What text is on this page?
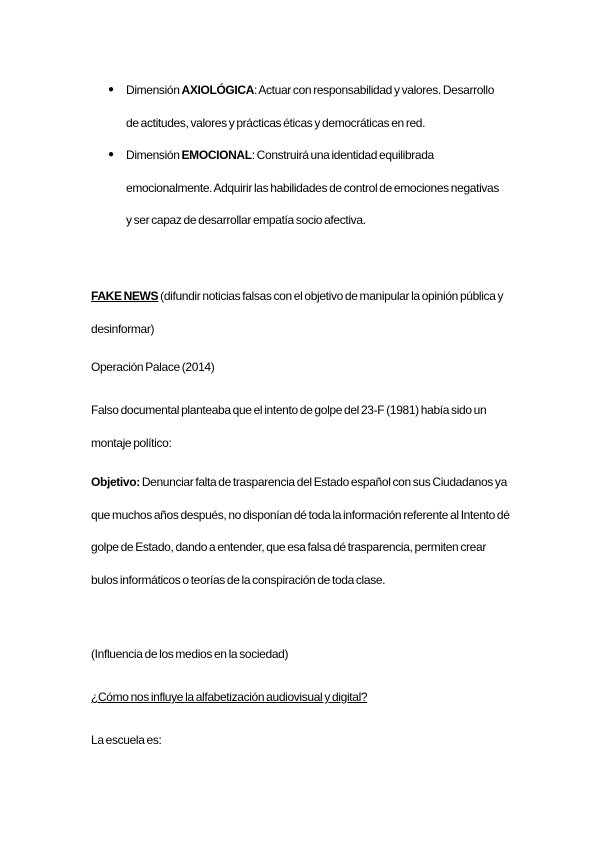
● Dimensión AXIOLÓGICA: Actuar con responsabilidad y valores. Desarrollo de actitudes, valores y prácticas éticas y democráticas en red.
● Dimensión EMOCIONAL: Construirá una identidad equilibrada emocionalmente. Adquirir las habilidades de control de emociones negativas y ser capaz de desarrollar empatía socio afectiva.

FAKE NEWS (difundir noticias falsas con el objetivo de manipular la opinión pública y desinformar)

Operación Palace (2014)

Falso documental planteaba que el intento de golpe del 23-F (1981) había sido un montaje político:

Objetivo: Denunciar falta de trasparencia del Estado español con sus Ciudadanos ya que muchos años después, no disponían dé toda la información referente al Intento dé golpe de Estado, dando a entender, que esa falsa dé trasparencia, permiten crear bulos informáticos o teorías de la conspiración de toda clase.

(Influencia de los medios en la sociedad)

¿Cómo nos influye la alfabetización audiovisual y digital?

La escuela es:
